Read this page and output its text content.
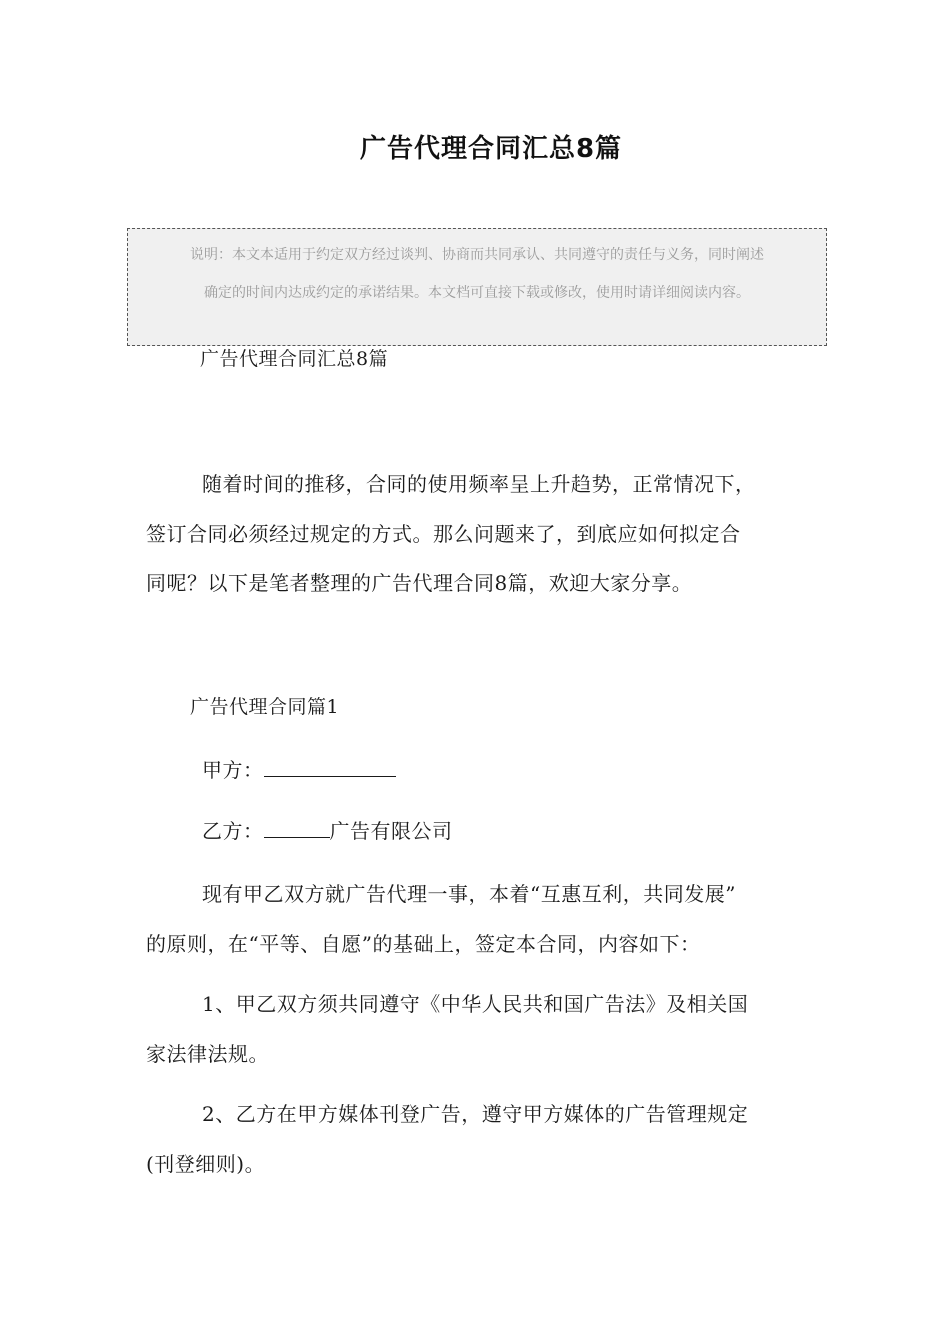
广告代理合同汇总8篇
说明：本文本适用于约定双方经过谈判、协商而共同承认、共同遵守的责任与义务，同时阐述
确定的时间内达成约定的承诺结果。本文档可直接下载或修改，使用时请详细阅读内容。
广告代理合同汇总8篇
随着时间的推移，合同的使用频率呈上升趋势，正常情况下，
签订合同必须经过规定的方式。那么问题来了，到底应如何拟定合
同呢？以下是笔者整理的广告代理合同8篇，欢迎大家分享。
广告代理合同篇1
甲方：
乙方：	广告有限公司
现有甲乙双方就广告代理一事，本着“互惠互利，共同发展”
的原则，在“平等、自愿”的基础上，签定本合同，内容如下：
1、甲乙双方须共同遵守《中华人民共和国广告法》及相关国
家法律法规。
2、乙方在甲方媒体刊登广告，遵守甲方媒体的广告管理规定
(刊登细则)。
